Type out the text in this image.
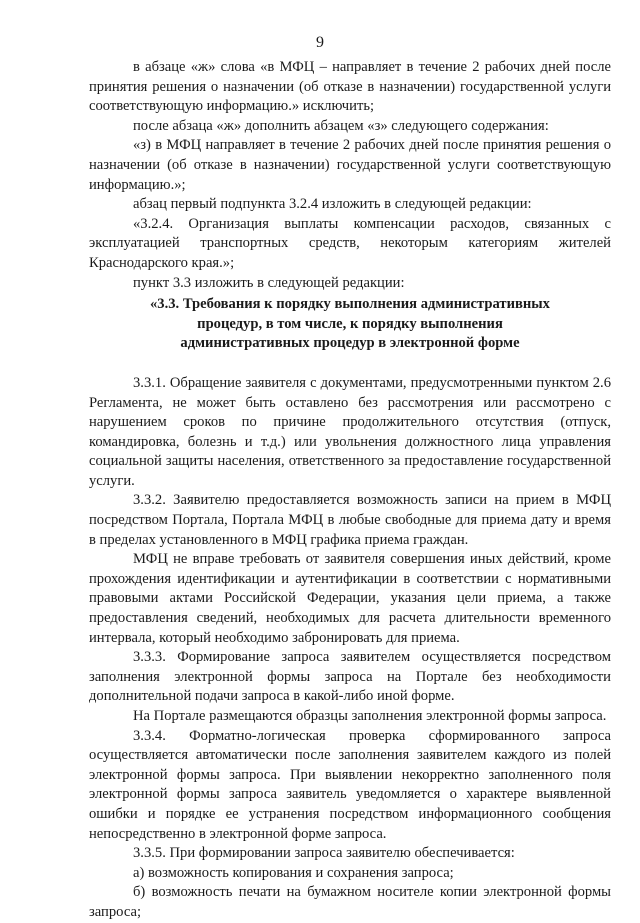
9

в абзаце «ж» слова «в МФЦ – направляет в течение 2 рабочих дней после принятия решения о назначении (об отказе в назначении) государственной услуги соответствующую информацию.» исключить;

после абзаца «ж» дополнить абзацем «з» следующего содержания:

«з) в МФЦ направляет в течение 2 рабочих дней после принятия решения о назначении (об отказе в назначении) государственной услуги соответствующую информацию.»;

абзац первый подпункта 3.2.4 изложить в следующей редакции:

«3.2.4. Организация выплаты компенсации расходов, связанных с эксплуатацией транспортных средств, некоторым категориям жителей Краснодарского края.»;

пункт 3.3 изложить в следующей редакции:

«3.3. Требования к порядку выполнения административных
процедур, в том числе, к порядку выполнения
административных процедур в электронной форме

3.3.1. Обращение заявителя с документами, предусмотренными пунктом 2.6 Регламента, не может быть оставлено без рассмотрения или рассмотрено с нарушением сроков по причине продолжительного отсутствия (отпуск, командировка, болезнь и т.д.) или увольнения должностного лица управления социальной защиты населения, ответственного за предоставление государственной услуги.

3.3.2. Заявителю предоставляется возможность записи на прием в МФЦ посредством Портала, Портала МФЦ в любые свободные для приема дату и время в пределах установленного в МФЦ графика приема граждан.

МФЦ не вправе требовать от заявителя совершения иных действий, кроме прохождения идентификации и аутентификации в соответствии с нормативными правовыми актами Российской Федерации, указания цели приема, а также предоставления сведений, необходимых для расчета длительности временного интервала, который необходимо забронировать для приема.

3.3.3. Формирование запроса заявителем осуществляется посредством заполнения электронной формы запроса на Портале без необходимости дополнительной подачи запроса в какой-либо иной форме.

На Портале размещаются образцы заполнения электронной формы запроса.

3.3.4. Форматно-логическая проверка сформированного запроса осуществляется автоматически после заполнения заявителем каждого из полей электронной формы запроса. При выявлении некорректно заполненного поля электронной формы запроса заявитель уведомляется о характере выявленной ошибки и порядке ее устранения посредством информационного сообщения непосредственно в электронной форме запроса.

3.3.5. При формировании запроса заявителю обеспечивается:

а) возможность копирования и сохранения запроса;

б) возможность печати на бумажном носителе копии электронной формы запроса;
